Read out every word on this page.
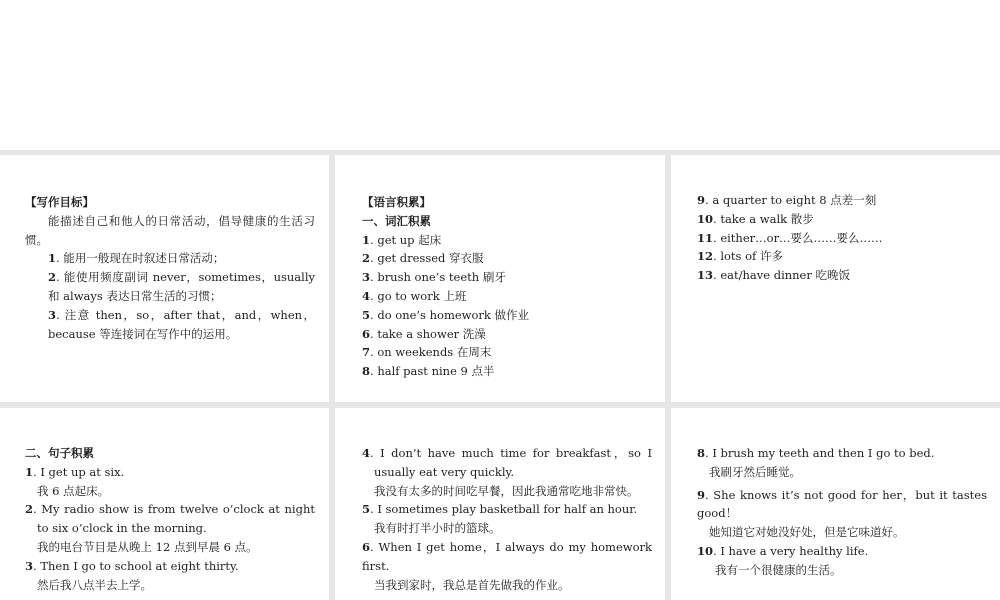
【写作目标】
能描述自己和他人的日常活动，倡导健康的生活习惯。
1. 能用一般现在时叙述日常活动；
2. 能使用频度副词 never，sometimes，usually 和 always 表达日常生活的习惯；
3. 注意 then，so，after that，and，when，because 等连接词在写作中的运用。
【语言积累】
一、词汇积累
1. get up 起床
2. get dressed 穿衣服
3. brush one’s teeth 刷牙
4. go to work 上班
5. do one’s homework 做作业
6. take a shower 洗澡
7. on weekends 在周末
8. half past nine 9 点半
9. a quarter to eight 8 点差一刻
10. take a walk 散步
11. either…or…要么……要么……
12. lots of 许多
13. eat/have dinner 吃晚饭
二、句子积累
1. I get up at six.
我 6 点起床。
2. My radio show is from twelve o’clock at night to six o’clock in the morning.
我的电台节目是从晚上 12 点到早晨 6 点。
3. Then I go to school at eight thirty.
然后我八点半去上学。
4. I don’t have much time for breakfast，so I usually eat very quickly.
我没有太多的时间吃早餐，因此我通常吃地非常快。
5. I sometimes play basketball for half an hour.
我有时打半小时的篮球。
6. When I get home，I always do my homework first.
当我到家时，我总是首先做我的作业。
8. I brush my teeth and then I go to bed.
我刷牙然后睡觉。
9. She knows it’s not good for her，but it tastes good！
她知道它对她没好处，但是它味道好。
10. I have a very healthy life.
我有一个很健康的生活。
